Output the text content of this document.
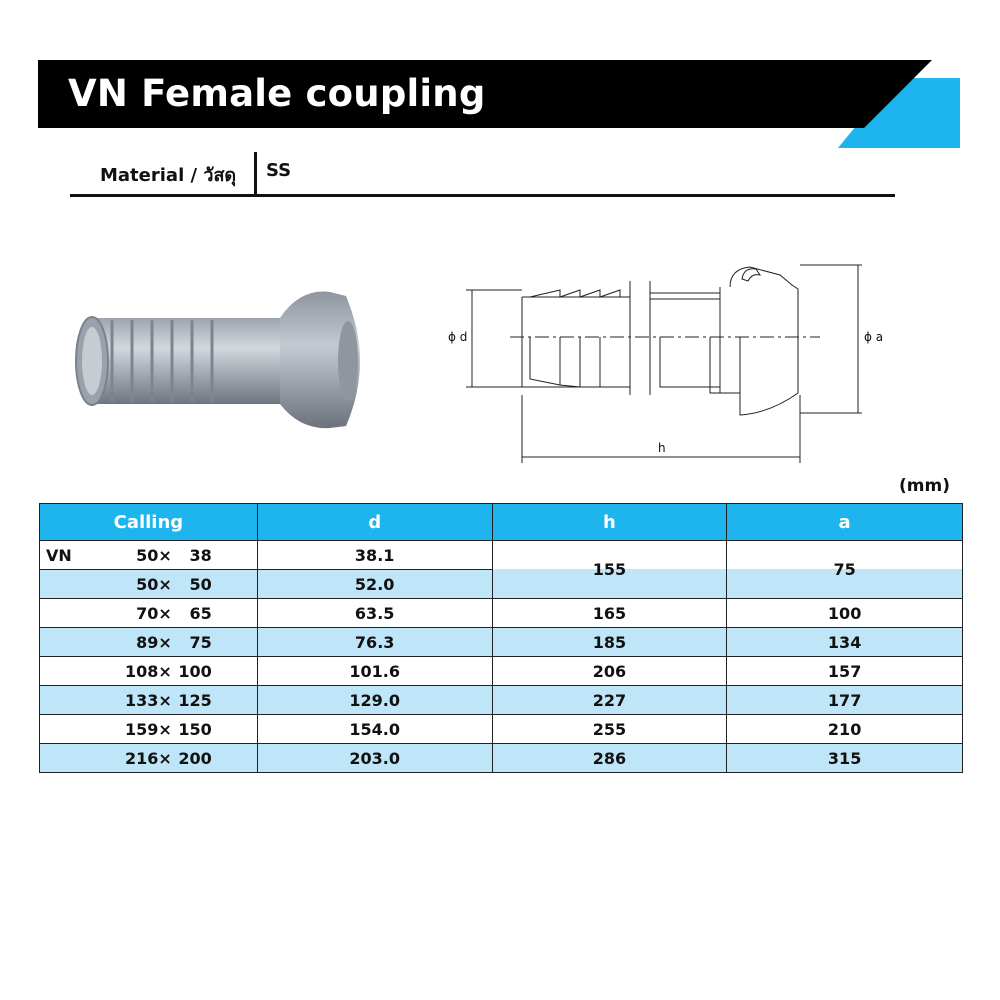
VN Female coupling
Material / วัสดุ SS
ϕ d	ϕ a
h
(mm)
Calling	d	h	a

VN 50× 38	38.1	155	75

50× 50	52.0		

70× 65	63.5	165	100

89× 75	76.3	185	134

108× 100	101.6	206	157

133× 125	129.0	227	177

159× 150	154.0	255	210

216× 200	203.0	286	315
